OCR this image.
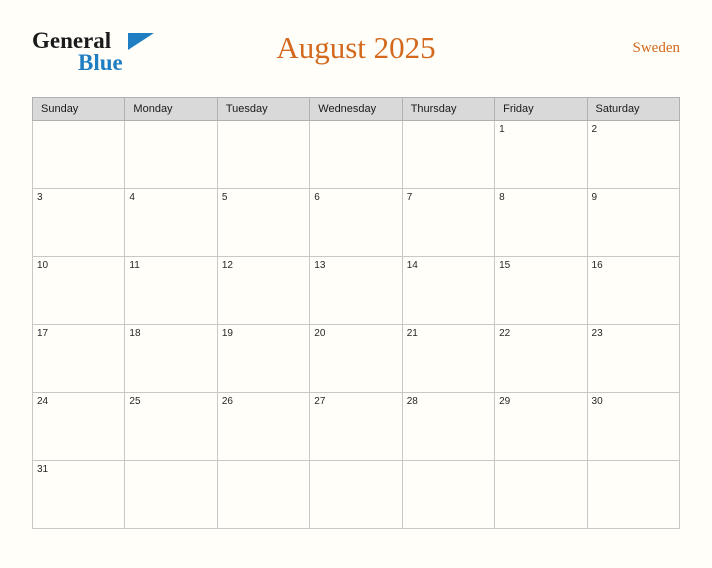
General
Blue	August 2025	Sweden
Sunday	Monday	Tuesday	Wednesday	Thursday	Friday	Saturday

					1	2

3	4	5	6	7	8	9

10	11	12	13	14	15	16

17	18	19	20	21	22	23

24	25	26	27	28	29	30

31						
